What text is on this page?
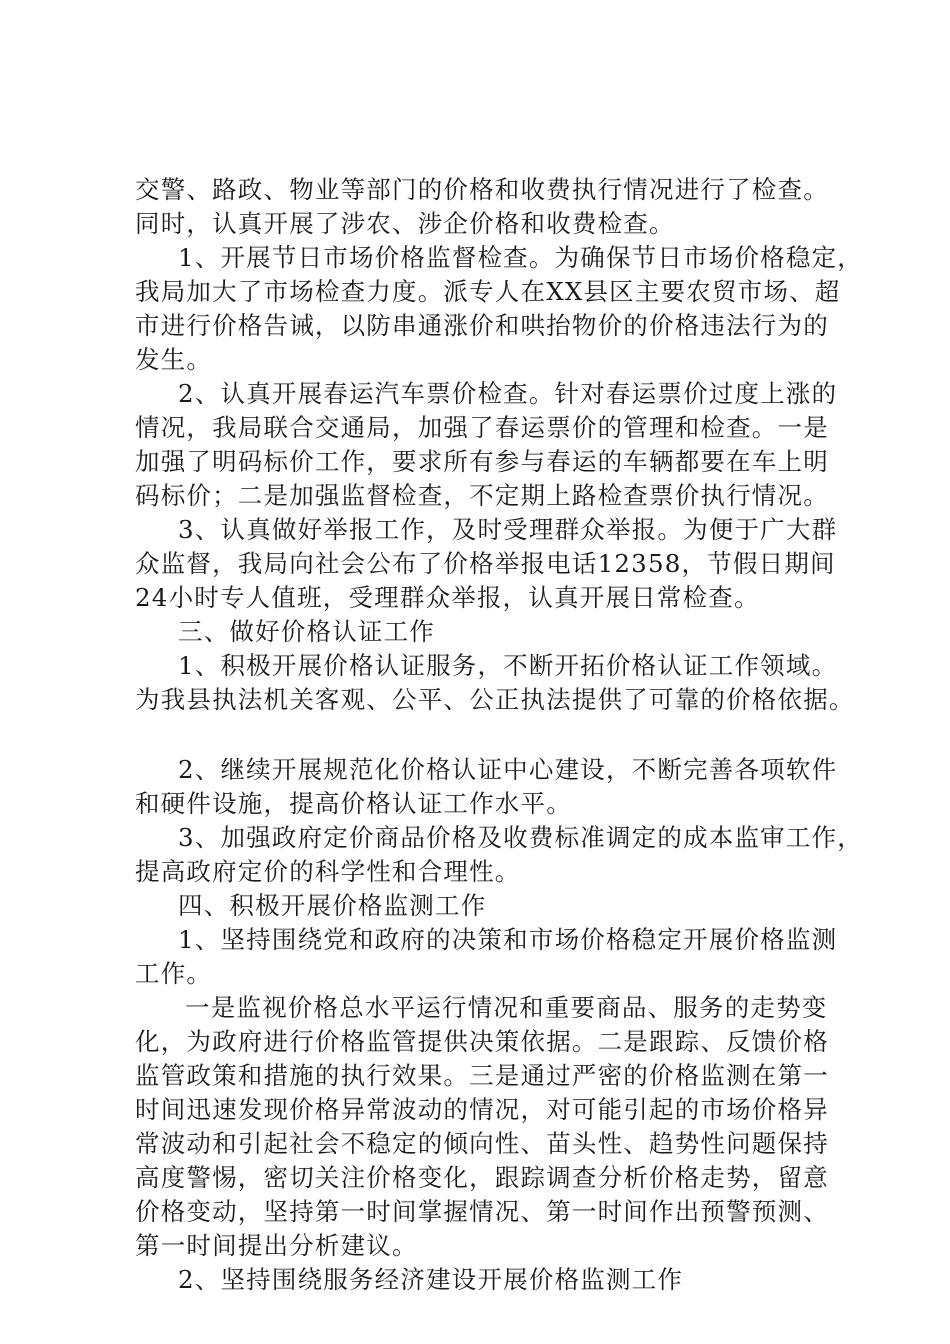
交警、路政、物业等部门的价格和收费执行情况进行了检查。
同时，认真开展了涉农、涉企价格和收费检查。
1、开展节日市场价格监督检查。为确保节日市场价格稳定，
我局加大了市场检查力度。派专人在XX县区主要农贸市场、超
市进行价格告诫，以防串通涨价和哄抬物价的价格违法行为的
发生。
2、认真开展春运汽车票价检查。针对春运票价过度上涨的
情况，我局联合交通局，加强了春运票价的管理和检查。一是
加强了明码标价工作，要求所有参与春运的车辆都要在车上明
码标价；二是加强监督检查，不定期上路检查票价执行情况。
3、认真做好举报工作，及时受理群众举报。为便于广大群
众监督，我局向社会公布了价格举报电话12358，节假日期间
24小时专人值班，受理群众举报，认真开展日常检查。
三、做好价格认证工作
1、积极开展价格认证服务，不断开拓价格认证工作领域。
为我县执法机关客观、公平、公正执法提供了可靠的价格依据。
2、继续开展规范化价格认证中心建设，不断完善各项软件
和硬件设施，提高价格认证工作水平。
3、加强政府定价商品价格及收费标准调定的成本监审工作，
提高政府定价的科学性和合理性。
四、积极开展价格监测工作
1、坚持围绕党和政府的决策和市场价格稳定开展价格监测
工作。
一是监视价格总水平运行情况和重要商品、服务的走势变
化，为政府进行价格监管提供决策依据。二是跟踪、反馈价格
监管政策和措施的执行效果。三是通过严密的价格监测在第一
时间迅速发现价格异常波动的情况，对可能引起的市场价格异
常波动和引起社会不稳定的倾向性、苗头性、趋势性问题保持
高度警惕，密切关注价格变化，跟踪调查分析价格走势，留意
价格变动，坚持第一时间掌握情况、第一时间作出预警预测、
第一时间提出分析建议。
2、坚持围绕服务经济建设开展价格监测工作
